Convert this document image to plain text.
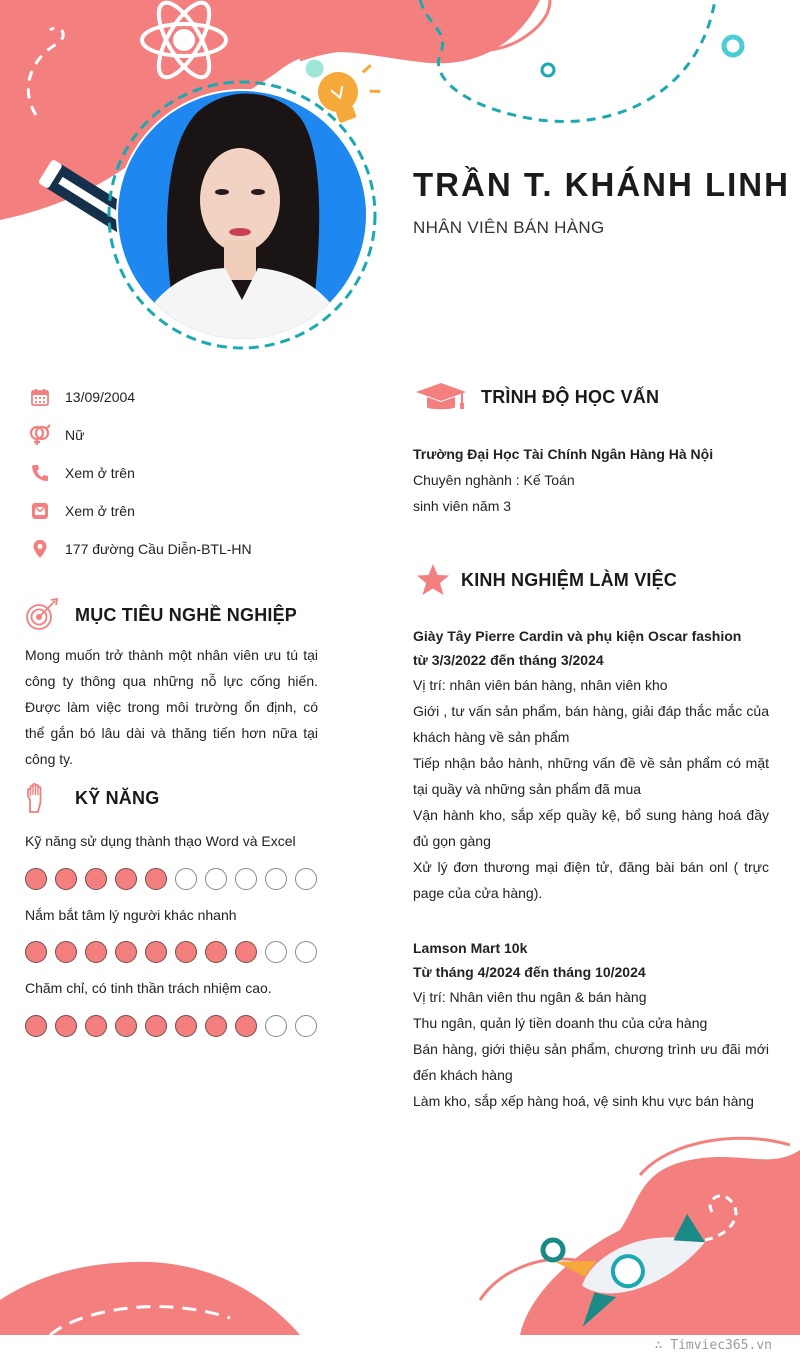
TRẦN T. KHÁNH LINH
NHÂN VIÊN BÁN HÀNG
13/09/2004
Nữ
Xem ở trên
Xem ở trên
177 đường Cầu Diễn-BTL-HN
MỤC TIÊU NGHỀ NGHIỆP
Mong muốn trở thành một nhân viên ưu tú tại công ty thông qua những nỗ lực cống hiến. Được làm việc trong môi trường ổn định, có thể gắn bó lâu dài và thăng tiến hơn nữa tại công ty.
KỸ NĂNG
Kỹ năng sử dụng thành thạo Word và Excel
Nắm bắt tâm lý người khác nhanh
Chăm chỉ, có tinh thần trách nhiệm cao.
TRÌNH ĐỘ HỌC VẤN
Trường Đại Học Tài Chính Ngân Hàng Hà Nội
Chuyên nghành : Kế Toán
sinh viên năm 3
KINH NGHIỆM LÀM VIỆC
Giày Tây Pierre Cardin và phụ kiện Oscar fashion
từ 3/3/2022 đến tháng 3/2024
Vị trí: nhân viên bán hàng, nhân viên kho
Giới , tư vấn sản phẩm, bán hàng, giải đáp thắc mắc của khách hàng về sản phẩm
Tiếp nhận bảo hành, những vấn đề về sản phẩm có mặt tại quầy và những sản phẩm đã mua
Vận hành kho, sắp xếp quầy kệ, bổ sung hàng hoá đầy đủ gọn gàng
Xử lý đơn thương mại điện tử, đăng bài bán onl ( trực page của cửa hàng).
Lamson Mart 10k
Từ tháng 4/2024 đến tháng 10/2024
Vị trí: Nhân viên thu ngân & bán hàng
Thu ngân, quản lý tiền doanh thu của cửa hàng
Bán hàng, giới thiệu sản phẩm, chương trình ưu đãi mới đến khách hàng
Làm kho, sắp xếp hàng hoá, vệ sinh khu vực bán hàng
∴ Timviec365.vn
